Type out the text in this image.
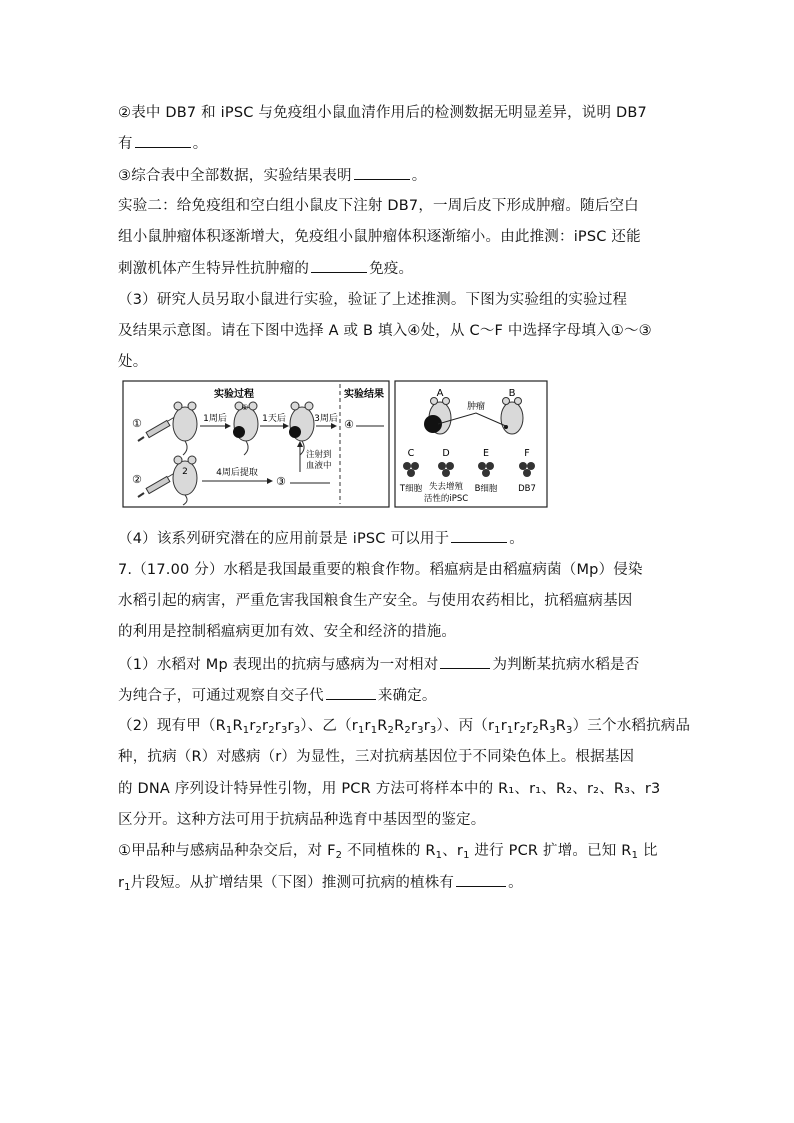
②表中 DB7 和 iPSC 与免疫组小鼠血清作用后的检测数据无明显差异，说明 DB7
有	。
③综合表中全部数据，实验结果表明	。
实验二：给免疫组和空白组小鼠皮下注射 DB7，一周后皮下形成肿瘤。随后空白
组小鼠肿瘤体积逐渐增大，免疫组小鼠肿瘤体积逐渐缩小。由此推测：iPSC 还能
刺激机体产生特异性抗肿瘤的	免疫。
（3）研究人员另取小鼠进行实验，验证了上述推测。下图为实验组的实验过程
及结果示意图。请在下图中选择 A 或 B 填入④处，从 C～F 中选择字母填入①～③
处。
实验过程	实验结果
①	1周后
①
1天后	3周后 ④
②
2	4周后提取
③
注射到
血液中
A	B
肿瘤
C	D	E	F
T细胞 失去增殖
活性的iPSC
B细胞 DB7
（4）该系列研究潜在的应用前景是 iPSC 可以用于	。
7.（17.00 分）水稻是我国最重要的粮食作物。稻瘟病是由稻瘟病菌（Mp）侵染
水稻引起的病害，严重危害我国粮食生产安全。与使用农药相比，抗稻瘟病基因
的利用是控制稻瘟病更加有效、安全和经济的措施。
（1）水稻对 Mp 表现出的抗病与感病为一对相对	为判断某抗病水稻是否
为纯合子，可通过观察自交子代	来确定。
（2）现有甲$(R_1R_1r_2r_2r_3r_3)$、乙$(r_1r_1R_2R_2r_3r_3)$、丙$(r_1r_1r_2r_2R_3R_3)$三个水稻抗病品
种，抗病（R）对感病（r）为显性，三对抗病基因位于不同染色体上。根据基因
的 DNA 序列设计特异性引物，用 PCR 方法可将样本中的 R₁、r₁、R₂、r₂、R₃、r3
区分开。这种方法可用于抗病品种选育中基因型的鉴定。
①甲品种与感病品种杂交后，对 $F_2$ 不同植株的 $R_1$、$r_1$ 进行 PCR 扩增。已知 $R_1$ 比
$r_1$片段短。从扩增结果（下图）推测可抗病的植株有	。
